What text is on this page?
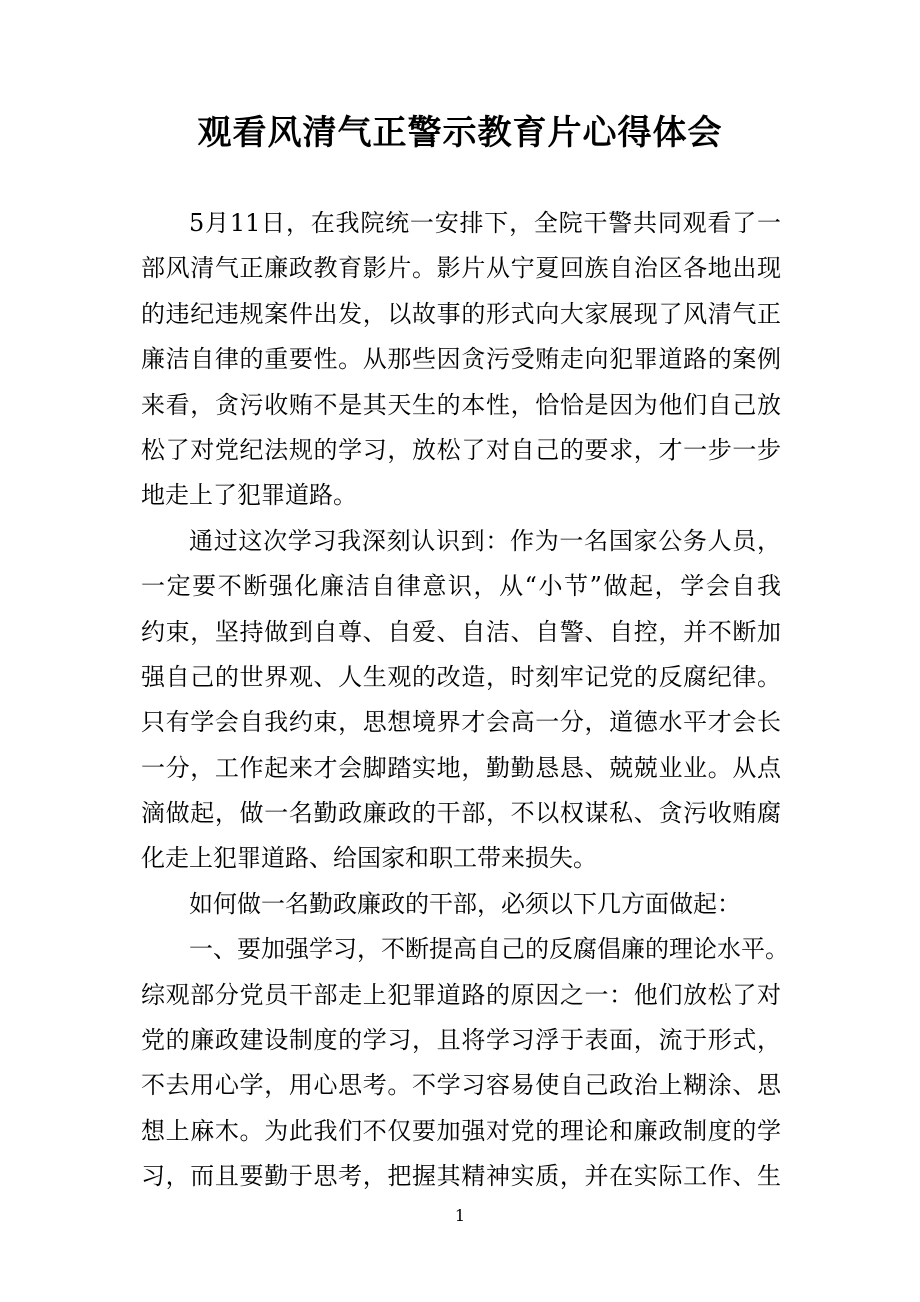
观看风清气正警示教育片心得体会
5月11日，在我院统一安排下，全院干警共同观看了一
部风清气正廉政教育影片。影片从宁夏回族自治区各地出现
的违纪违规案件出发，以故事的形式向大家展现了风清气正
廉洁自律的重要性。从那些因贪污受贿走向犯罪道路的案例
来看，贪污收贿不是其天生的本性，恰恰是因为他们自己放
松了对党纪法规的学习，放松了对自己的要求，才一步一步
地走上了犯罪道路。
通过这次学习我深刻认识到：作为一名国家公务人员，
一定要不断强化廉洁自律意识，从“小节”做起，学会自我
约束，坚持做到自尊、自爱、自洁、自警、自控，并不断加
强自己的世界观、人生观的改造，时刻牢记党的反腐纪律。
只有学会自我约束，思想境界才会高一分，道德水平才会长
一分，工作起来才会脚踏实地，勤勤恳恳、兢兢业业。从点
滴做起，做一名勤政廉政的干部，不以权谋私、贪污收贿腐
化走上犯罪道路、给国家和职工带来损失。
如何做一名勤政廉政的干部，必须以下几方面做起：
一、要加强学习，不断提高自己的反腐倡廉的理论水平。
综观部分党员干部走上犯罪道路的原因之一：他们放松了对
党的廉政建设制度的学习，且将学习浮于表面，流于形式，
不去用心学，用心思考。不学习容易使自己政治上糊涂、思
想上麻木。为此我们不仅要加强对党的理论和廉政制度的学
习，而且要勤于思考，把握其精神实质，并在实际工作、生
1
